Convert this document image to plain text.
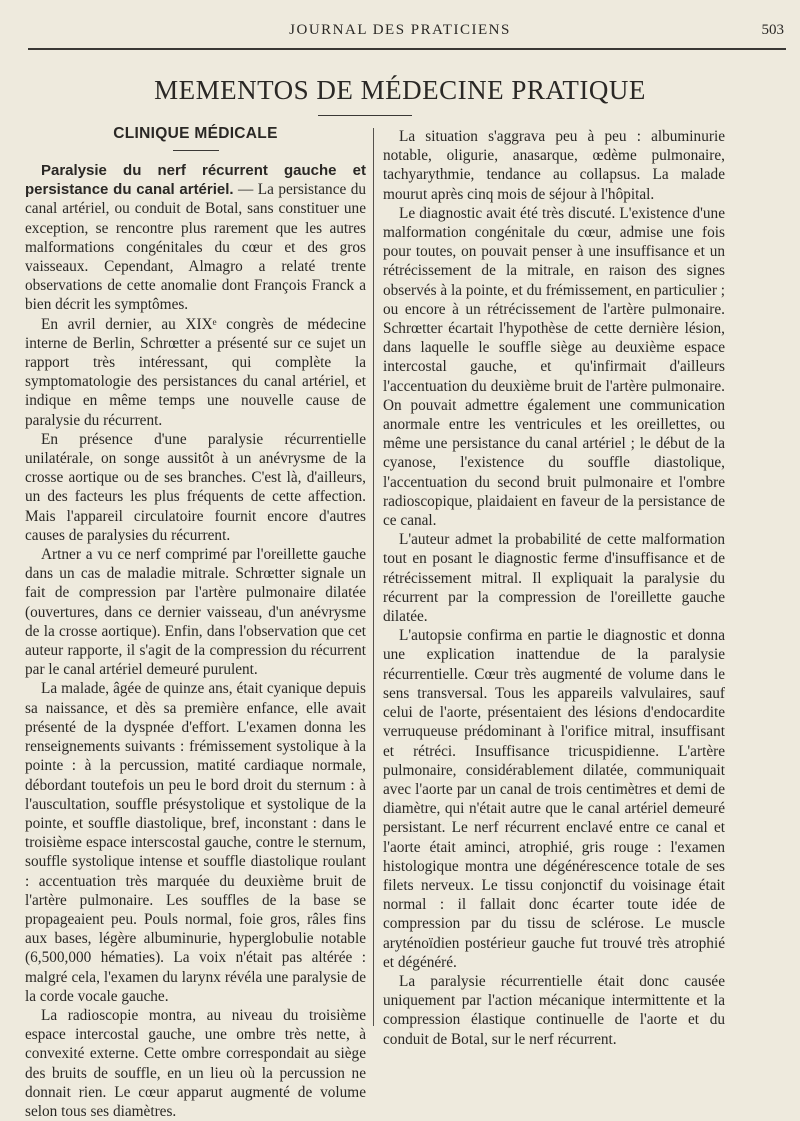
JOURNAL DES PRATICIENS	503
MEMENTOS DE MÉDECINE PRATIQUE
CLINIQUE MÉDICALE

Paralysie du nerf récurrent gauche et persistance du canal artériel. — La persistance du canal artériel, ou conduit de Botal, sans constituer une exception, se rencontre plus rarement que les autres malformations congénitales du cœur et des gros vaisseaux. Cependant, Almagro a relaté trente observations de cette anomalie dont François Franck a bien décrit les symptômes.

En avril dernier, au XIXᵉ congrès de médecine interne de Berlin, Schrœtter a présenté sur ce sujet un rapport très intéressant, qui complète la symptomatologie des persistances du canal artériel, et indique en même temps une nouvelle cause de paralysie du récurrent.

En présence d'une paralysie récurrentielle unilatérale, on songe aussitôt à un anévrysme de la crosse aortique ou de ses branches. C'est là, d'ailleurs, un des facteurs les plus fréquents de cette affection. Mais l'appareil circulatoire fournit encore d'autres causes de paralysies du récurrent.

Artner a vu ce nerf comprimé par l'oreillette gauche dans un cas de maladie mitrale. Schrœtter signale un fait de compression par l'artère pulmonaire dilatée (ouvertures, dans ce dernier vaisseau, d'un anévrysme de la crosse aortique). Enfin, dans l'observation que cet auteur rapporte, il s'agit de la compression du récurrent par le canal artériel demeuré purulent.

La malade, âgée de quinze ans, était cyanique depuis sa naissance, et dès sa première enfance, elle avait présenté de la dyspnée d'effort. L'examen donna les renseignements suivants : frémissement systolique à la pointe : à la percussion, matité cardiaque normale, débordant toutefois un peu le bord droit du sternum : à l'auscultation, souffle présystolique et systolique de la pointe, et souffle diastolique, bref, inconstant : dans le troisième espace interscostal gauche, contre le sternum, souffle systolique intense et souffle diastolique roulant : accentuation très marquée du deuxième bruit de l'artère pulmonaire. Les souffles de la base se propageaient peu. Pouls normal, foie gros, râles fins aux bases, légère albuminurie, hyperglobulie notable (6,500,000 hématies). La voix n'était pas altérée : malgré cela, l'examen du larynx révéla une paralysie de la corde vocale gauche.

La radioscopie montra, au niveau du troisième espace intercostal gauche, une ombre très nette, à convexité externe. Cette ombre correspondait au siège des bruits de souffle, en un lieu où la percussion ne donnait rien. Le cœur apparut augmenté de volume selon tous ses diamètres.

La situation s'aggrava peu à peu : albuminurie notable, oligurie, anasarque, œdème pulmonaire, tachyarythmie, tendance au collapsus. La malade mourut après cinq mois de séjour à l'hôpital.

Le diagnostic avait été très discuté. L'existence d'une malformation congénitale du cœur, admise une fois pour toutes, on pouvait penser à une insuffisance et un rétrécissement de la mitrale, en raison des signes observés à la pointe, et du frémissement, en particulier ; ou encore à un rétrécissement de l'artère pulmonaire. Schrœtter écartait l'hypothèse de cette dernière lésion, dans laquelle le souffle siège au deuxième espace intercostal gauche, et qu'infirmait d'ailleurs l'accentuation du deuxième bruit de l'artère pulmonaire. On pouvait admettre également une communication anormale entre les ventricules et les oreillettes, ou même une persistance du canal artériel ; le début de la cyanose, l'existence du souffle diastolique, l'accentuation du second bruit pulmonaire et l'ombre radioscopique, plaidaient en faveur de la persistance de ce canal.

L'auteur admet la probabilité de cette malformation tout en posant le diagnostic ferme d'insuffisance et de rétrécissement mitral. Il expliquait la paralysie du récurrent par la compression de l'oreillette gauche dilatée.

L'autopsie confirma en partie le diagnostic et donna une explication inattendue de la paralysie récurrentielle. Cœur très augmenté de volume dans le sens transversal. Tous les appareils valvulaires, sauf celui de l'aorte, présentaient des lésions d'endocardite verruqueuse prédominant à l'orifice mitral, insuffisant et rétréci. Insuffisance tricuspidienne. L'artère pulmonaire, considérablement dilatée, communiquait avec l'aorte par un canal de trois centimètres et demi de diamètre, qui n'était autre que le canal artériel demeuré persistant. Le nerf récurrent enclavé entre ce canal et l'aorte était aminci, atrophié, gris rouge : l'examen histologique montra une dégénérescence totale de ses filets nerveux. Le tissu conjonctif du voisinage était normal : il fallait donc écarter toute idée de compression par du tissu de sclérose. Le muscle aryténoïdien postérieur gauche fut trouvé très atrophié et dégénéré.

La paralysie récurrentielle était donc causée uniquement par l'action mécanique intermittente et la compression élastique continuelle de l'aorte et du conduit de Botal, sur le nerf récurrent.
